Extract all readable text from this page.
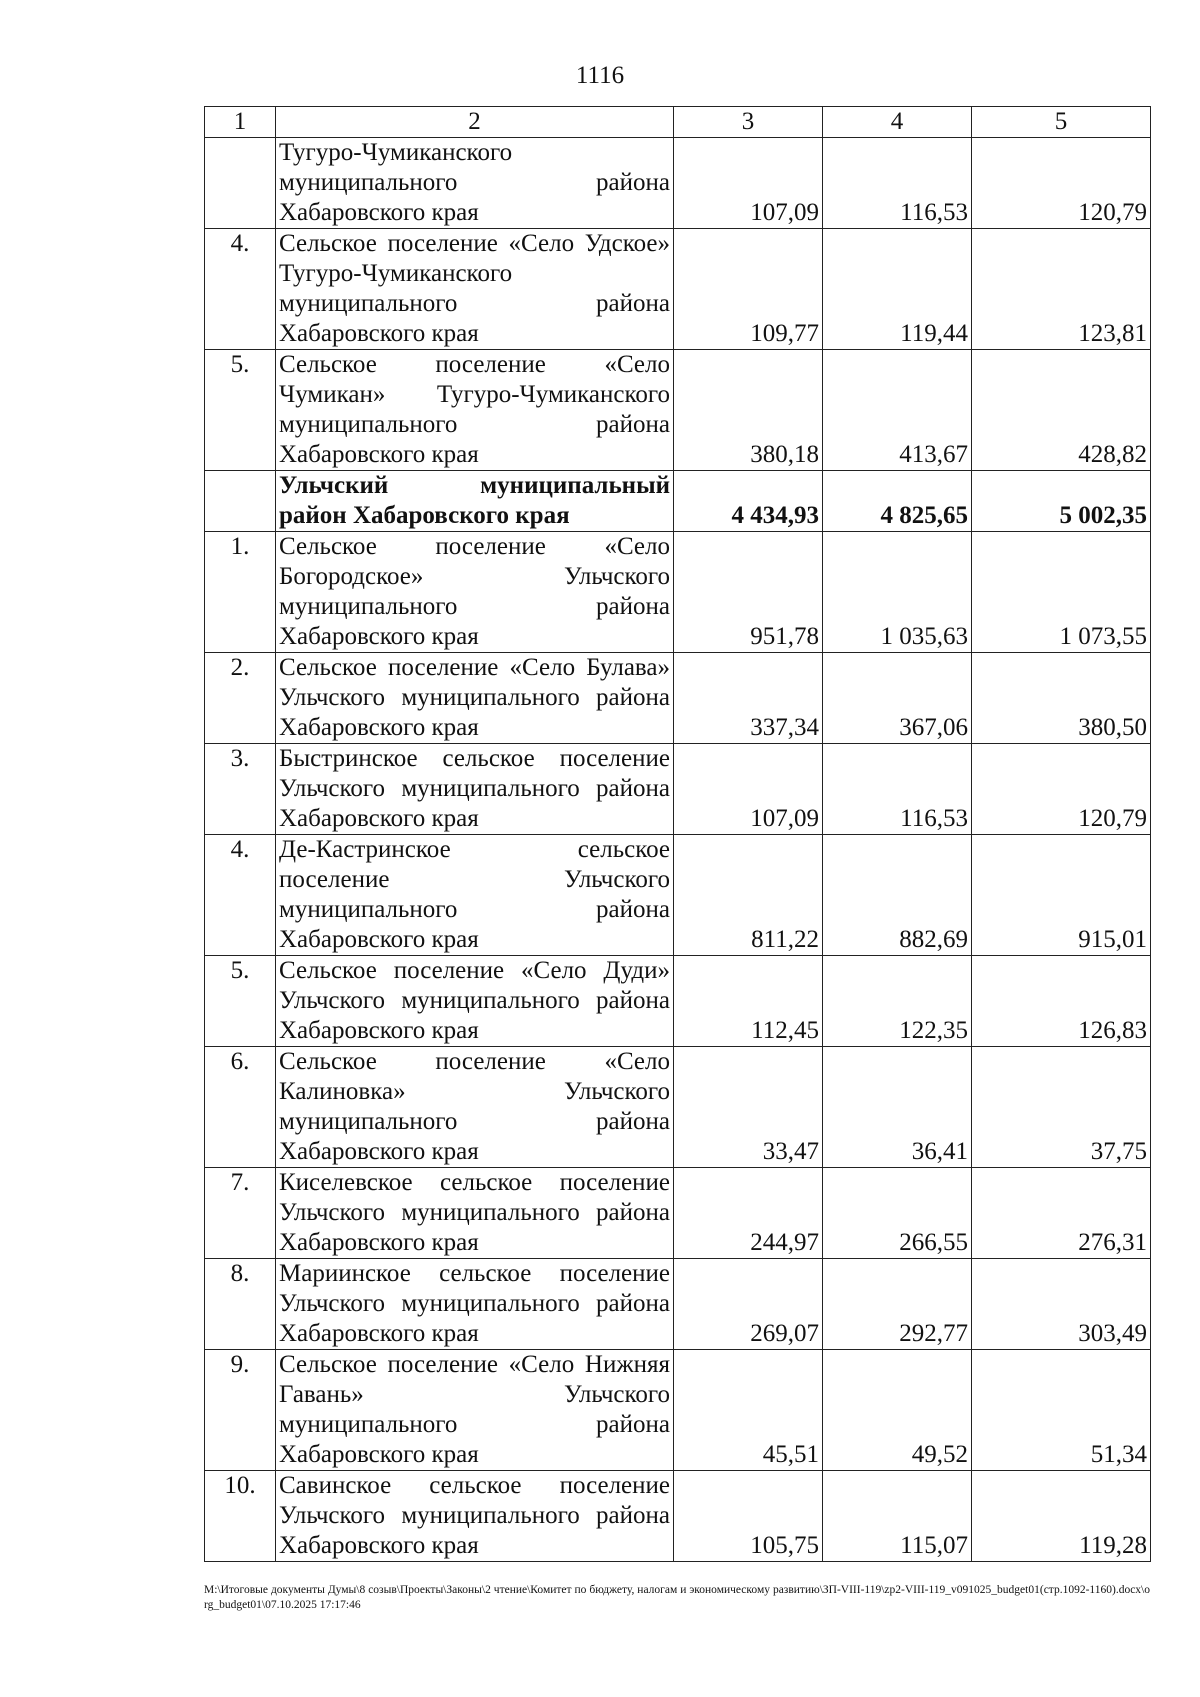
1116
1	2	3	4	5

	Тугуро-Чумиканского
муниципального района
Хабаровского края	107,09	116,53	120,79
4.	Сельское поселение «Село Удское»
Тугуро-Чумиканского
муниципального района
Хабаровского края	109,77	119,44	123,81
5.	Сельское поселение «Село
Чумикан» Тугуро-Чумиканского
муниципального района
Хабаровского края	380,18	413,67	428,82

	Ульчский муниципальный
район Хабаровского края	4 434,93	4 825,65	5 002,35
1.	Сельское поселение «Село
Богородское» Ульчского
муниципального района
Хабаровского края	951,78	1 035,63	1 073,55
2.	Сельское поселение «Село Булава»
Ульчского муниципального района
Хабаровского края	337,34	367,06	380,50
3.	Быстринское сельское поселение
Ульчского муниципального района
Хабаровского края	107,09	116,53	120,79
4.	Де-Кастринское сельское
поселение Ульчского
муниципального района
Хабаровского края	811,22	882,69	915,01
5.	Сельское поселение «Село Дуди»
Ульчского муниципального района
Хабаровского края	112,45	122,35	126,83
6.	Сельское поселение «Село
Калиновка» Ульчского
муниципального района
Хабаровского края	33,47	36,41	37,75
7.	Киселевское сельское поселение
Ульчского муниципального района
Хабаровского края	244,97	266,55	276,31
8.	Мариинское сельское поселение
Ульчского муниципального района
Хабаровского края	269,07	292,77	303,49
9.	Сельское поселение «Село Нижняя
Гавань» Ульчского
муниципального района
Хабаровского края	45,51	49,52	51,34
10.	Савинское сельское поселение
Ульчского муниципального района
Хабаровского края	105,75	115,07	119,28
M:\Итоговые документы Думы\8 созыв\Проекты\Законы\2 чтение\Комитет по бюджету, налогам и экономическому развитию\ЗП-VIII-119\zp2-VIII-119_v091025_budget01(стр.1092-1160).docx\org_budget01\07.10.2025 17:17:46
